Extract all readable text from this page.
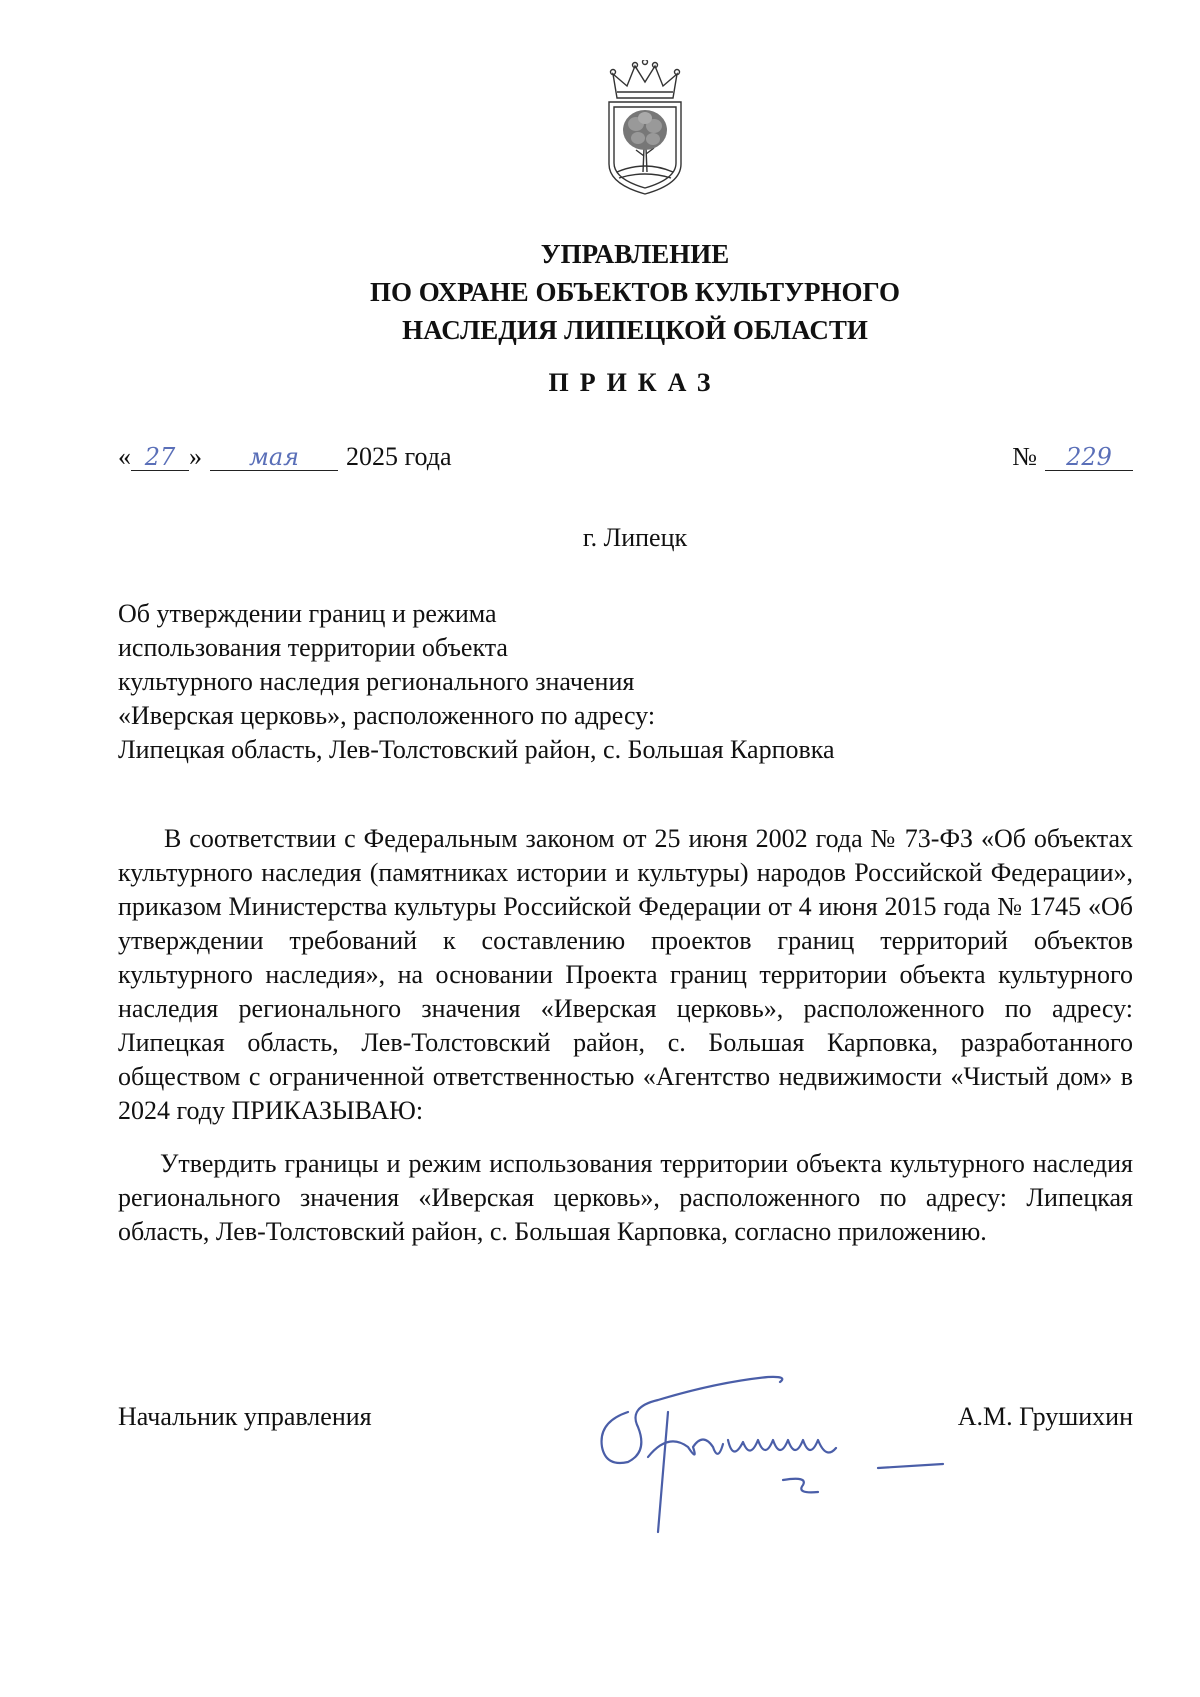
УПРАВЛЕНИЕ
ПО ОХРАНЕ ОБЪЕКТОВ КУЛЬТУРНОГО
НАСЛЕДИЯ ЛИПЕЦКОЙ ОБЛАСТИ
ПРИКАЗ
« 27 » мая 2025 года	№ 229
г. Липецк
Об утверждении границ и режима
использования территории объекта
культурного наследия регионального значения
«Иверская церковь», расположенного по адресу:
Липецкая область, Лев-Толстовский район, с. Большая Карповка
В соответствии с Федеральным законом от 25 июня 2002 года № 73-ФЗ «Об объектах культурного наследия (памятниках истории и культуры) народов Российской Федерации», приказом Министерства культуры Российской Федерации от 4 июня 2015 года № 1745 «Об утверждении требований к составлению проектов границ территорий объектов культурного наследия», на основании Проекта границ территории объекта культурного наследия регионального значения «Иверская церковь», расположенного по адресу: Липецкая область, Лев-Толстовский район, с. Большая Карповка, разработанного обществом с ограниченной ответственностью «Агентство недвижимости «Чистый дом» в 2024 году ПРИКАЗЫВАЮ:
Утвердить границы и режим использования территории объекта культурного наследия регионального значения «Иверская церковь», расположенного по адресу: Липецкая область, Лев-Толстовский район, с. Большая Карповка, согласно приложению.
Начальник управления	А.М. Грушихин
